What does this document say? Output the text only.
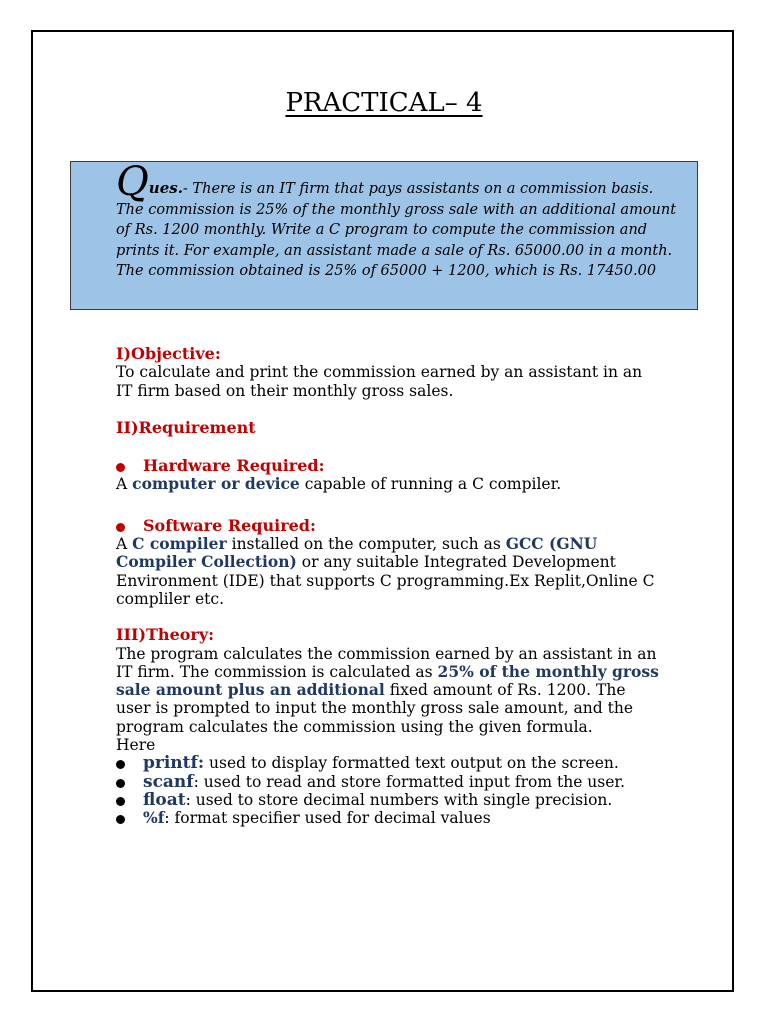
PRACTICAL– 4
Ques.- There is an IT firm that pays assistants on a commission basis.
The commission is 25% of the monthly gross sale with an additional amount of Rs. 1200 monthly. Write a C program to compute the commission and prints it. For example, an assistant made a sale of Rs. 65000.00 in a month. The commission obtained is 25% of 65000 + 1200, which is Rs. 17450.00
I)Objective:

To calculate and print the commission earned by an assistant in an IT firm based on their monthly gross sales.

II)Requirement
Hardware Required:

A computer or device capable of running a C compiler.

Software Required:

A C compiler installed on the computer, such as GCC (GNU Compiler Collection) or any suitable Integrated Development Environment (IDE) that supports C programming.Ex Replit,Online C compliler etc.

III)Theory:

The program calculates the commission earned by an assistant in an IT firm. The commission is calculated as 25% of the monthly gross sale amount plus an additional fixed amount of Rs. 1200. The user is prompted to input the monthly gross sale amount, and the program calculates the commission using the given formula.

Here

printf: used to display formatted text output on the screen.
scanf: used to read and store formatted input from the user.
float: used to store decimal numbers with single precision.
%f: format specifier used for decimal values
